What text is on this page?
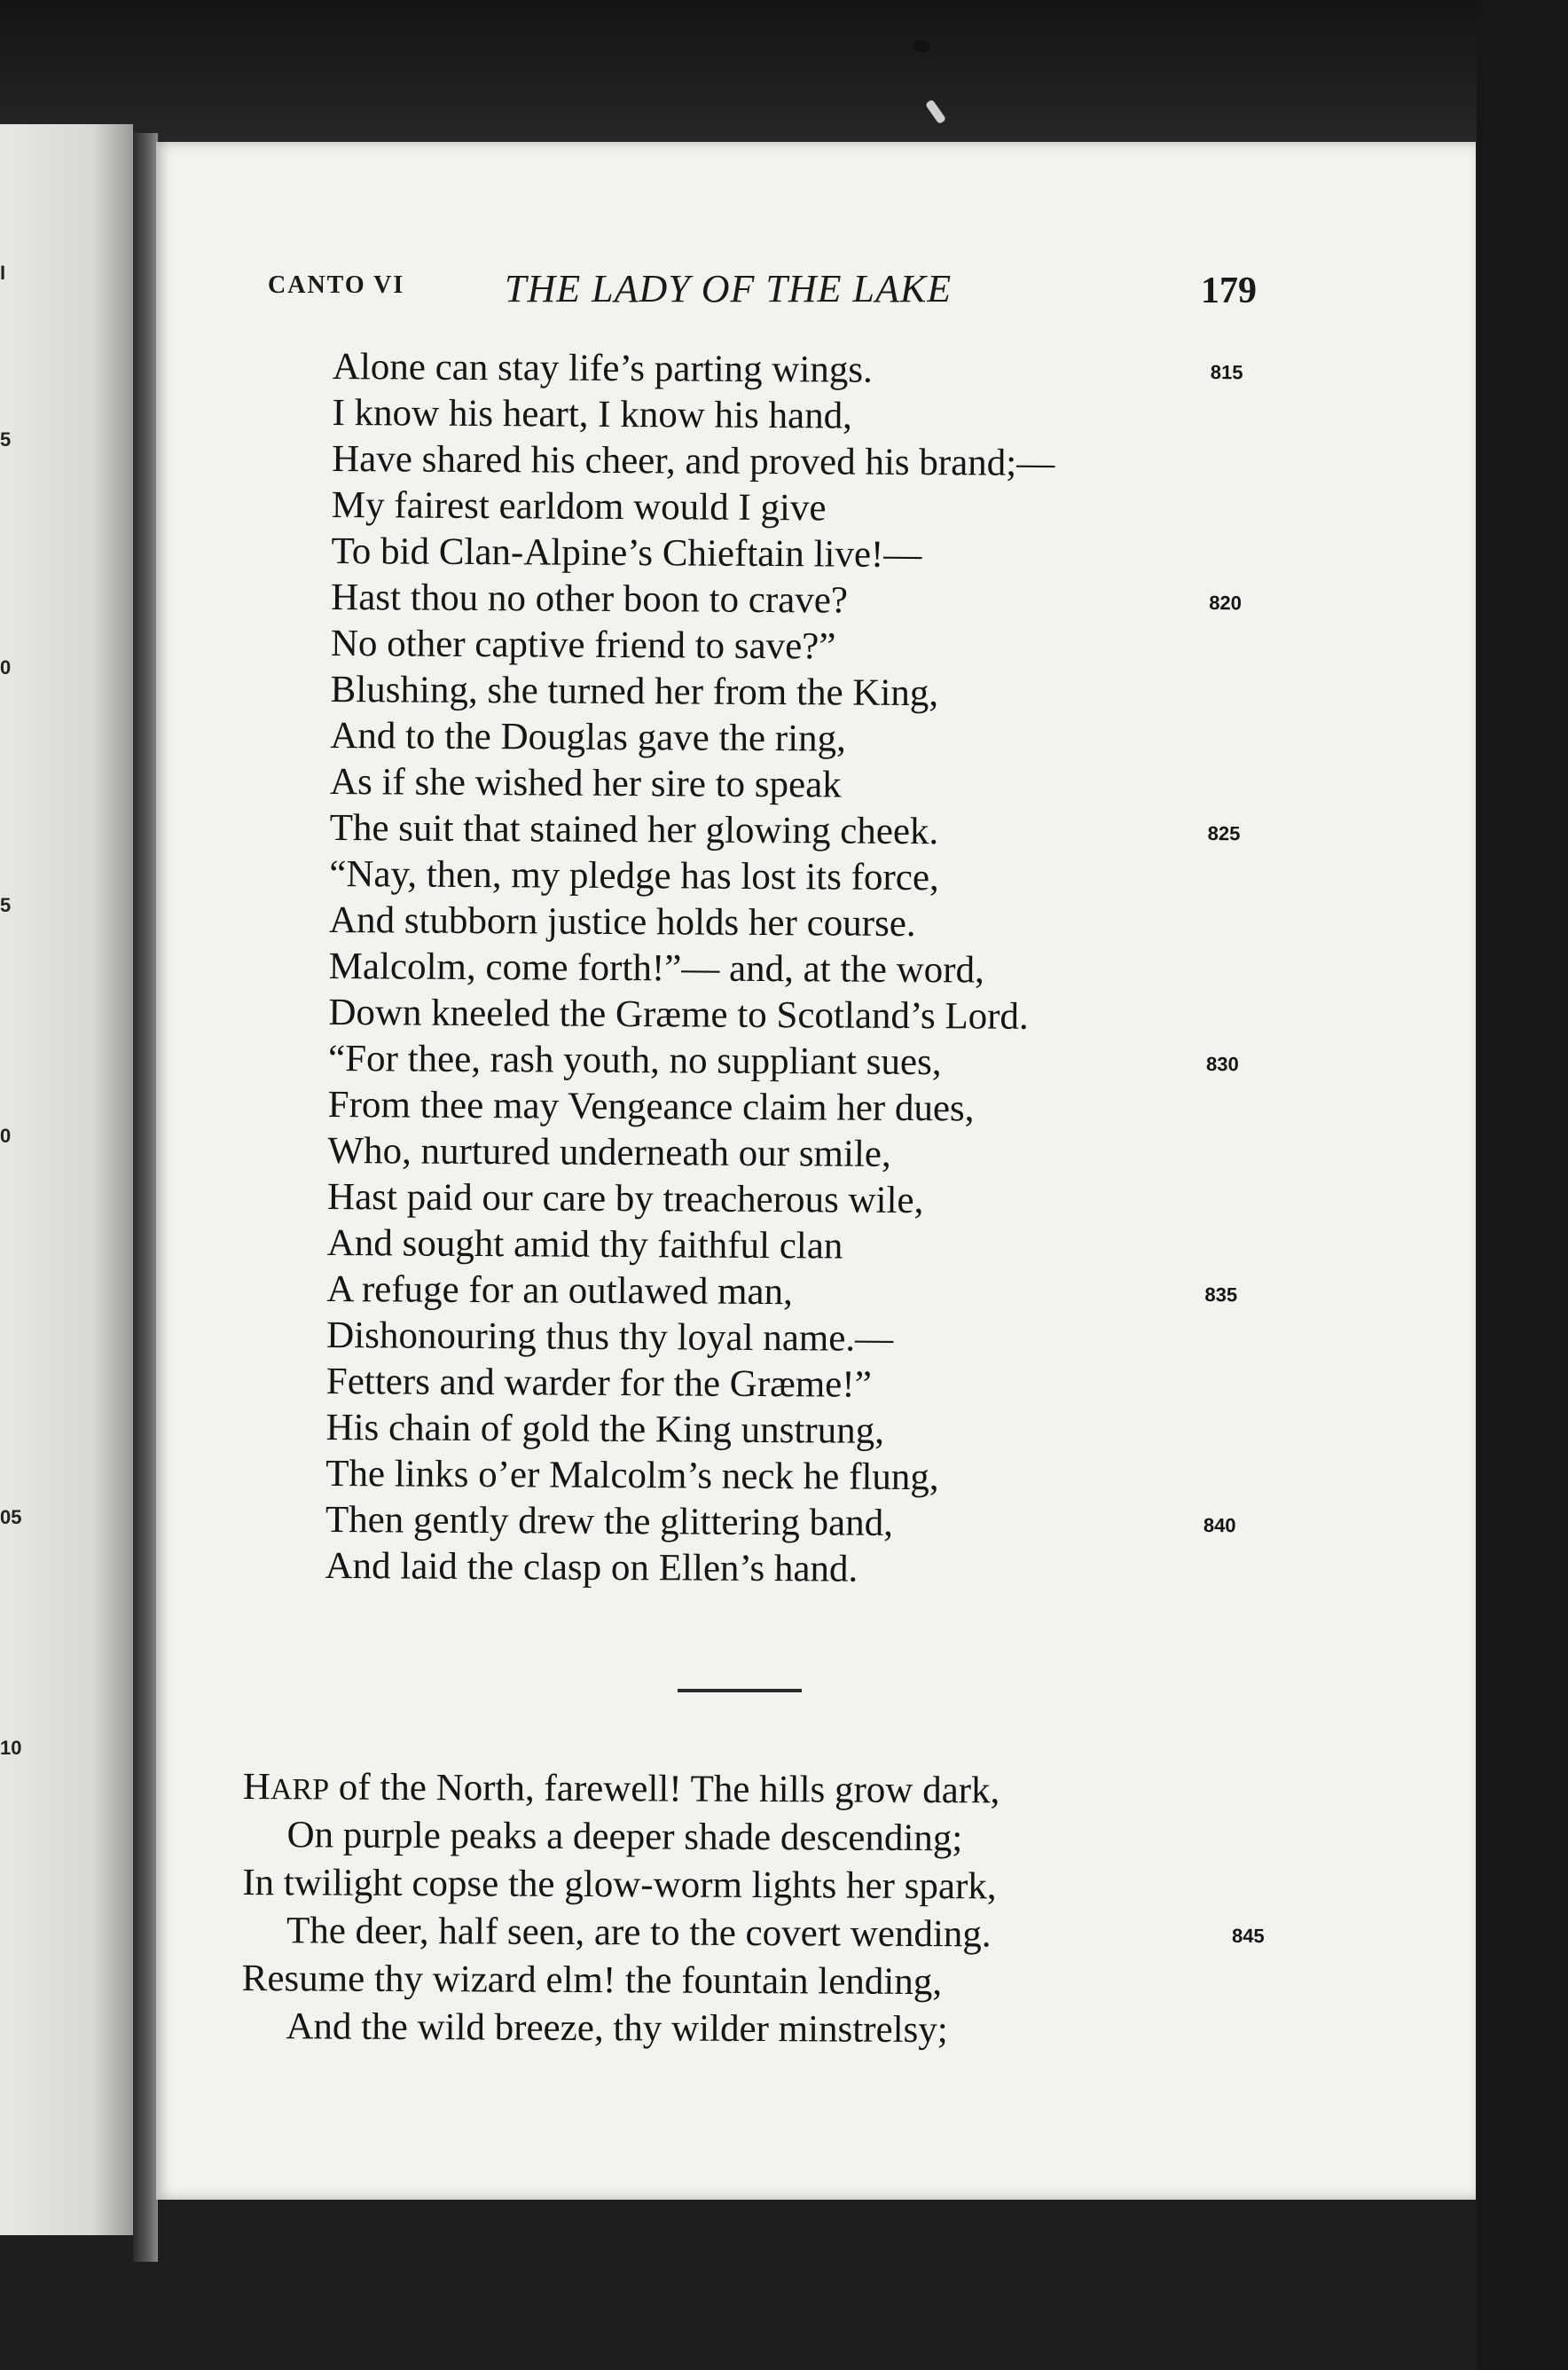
I
5
0
5
0
05
10
CANTO VI	THE LADY OF THE LAKE	179
Alone can stay life’s parting wings.	815
I know his heart, I know his hand,
Have shared his cheer, and proved his brand;—
My fairest earldom would I give
To bid Clan-Alpine’s Chieftain live!—
Hast thou no other boon to crave?	820
No other captive friend to save?”
Blushing, she turned her from the King,
And to the Douglas gave the ring,
As if she wished her sire to speak
The suit that stained her glowing cheek.	825
“Nay, then, my pledge has lost its force,
And stubborn justice holds her course.
Malcolm, come forth!”— and, at the word,
Down kneeled the Græme to Scotland’s Lord.
“For thee, rash youth, no suppliant sues,	830
From thee may Vengeance claim her dues,
Who, nurtured underneath our smile,
Hast paid our care by treacherous wile,
And sought amid thy faithful clan
A refuge for an outlawed man,	835
Dishonouring thus thy loyal name.—
Fetters and warder for the Græme!”
His chain of gold the King unstrung,
The links o’er Malcolm’s neck he flung,
Then gently drew the glittering band,	840
And laid the clasp on Ellen’s hand.
HARP of the North, farewell! The hills grow dark,
On purple peaks a deeper shade descending;
In twilight copse the glow-worm lights her spark,
The deer, half seen, are to the covert wending.	845
Resume thy wizard elm! the fountain lending,
And the wild breeze, thy wilder minstrelsy;
